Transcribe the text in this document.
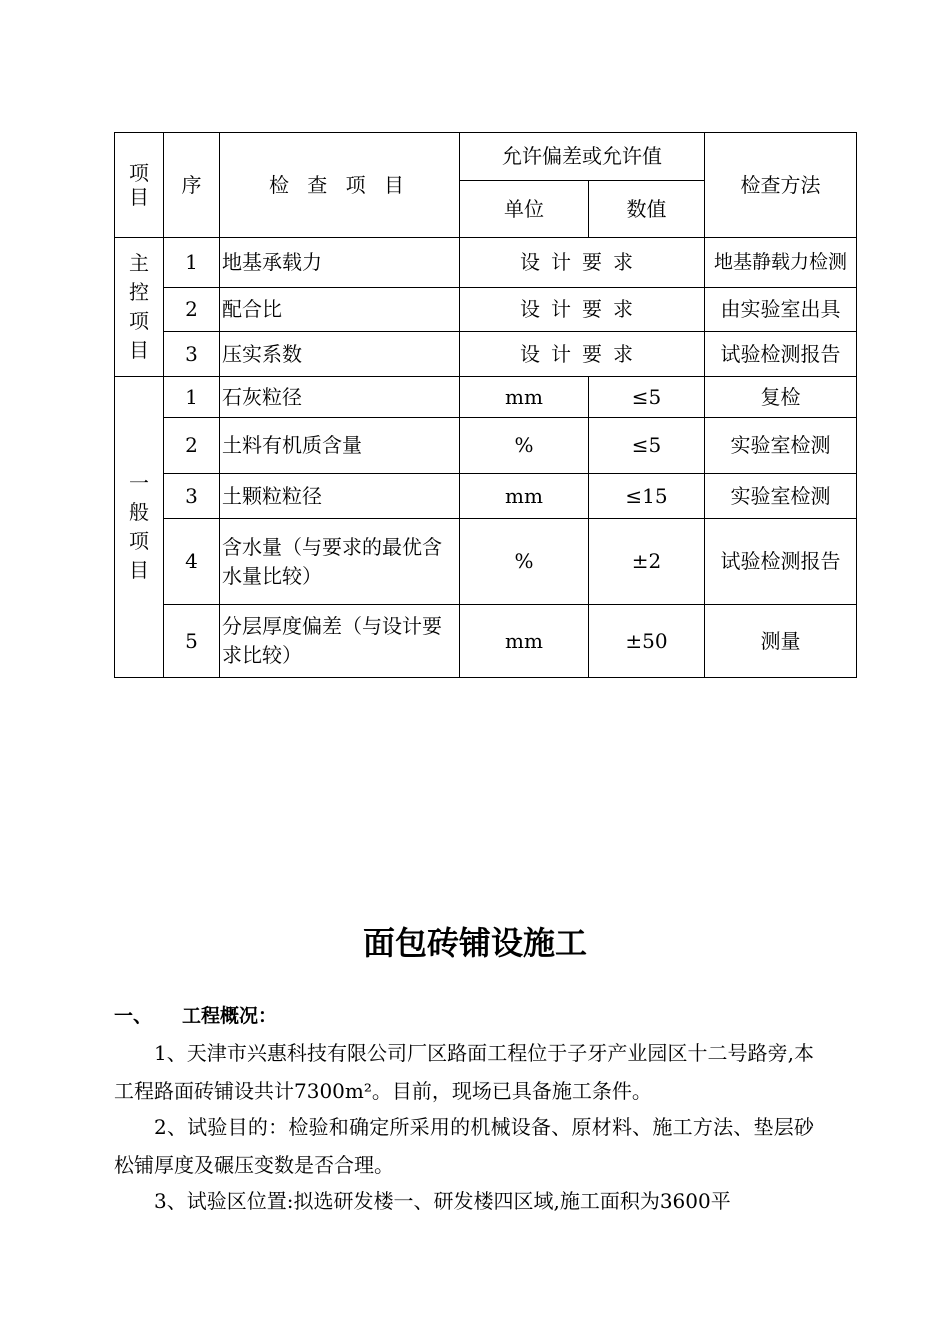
项目	序	检 查 项 目	允许偏差或允许值		检查方法
			单位	数值	

主控项目	1	地基承载力	设计要求		地基静载力检测
	2	配合比	设计要求		由实验室出具
	3	压实系数	设计要求		试验检测报告

一般项目	1	石灰粒径	mm	≤5	复检
	2	土料有机质含量	%	≤5	实验室检测
	3	土颗粒粒径	mm	≤15	实验室检测
	4	含水量（与要求的最优含水量比较）	%	±2	试验检测报告
	5	分层厚度偏差（与设计要求比较）	mm	±50	测量
面包砖铺设施工
一、 工程概况：
1、天津市兴惠科技有限公司厂区路面工程位于子牙产业园区十二号路旁,本工程路面砖铺设共计7300m²。目前，现场已具备施工条件。
2、试验目的：检验和确定所采用的机械设备、原材料、施工方法、垫层砂松铺厚度及碾压变数是否合理。
3、试验区位置:拟选研发楼一、研发楼四区域,施工面积为3600平
